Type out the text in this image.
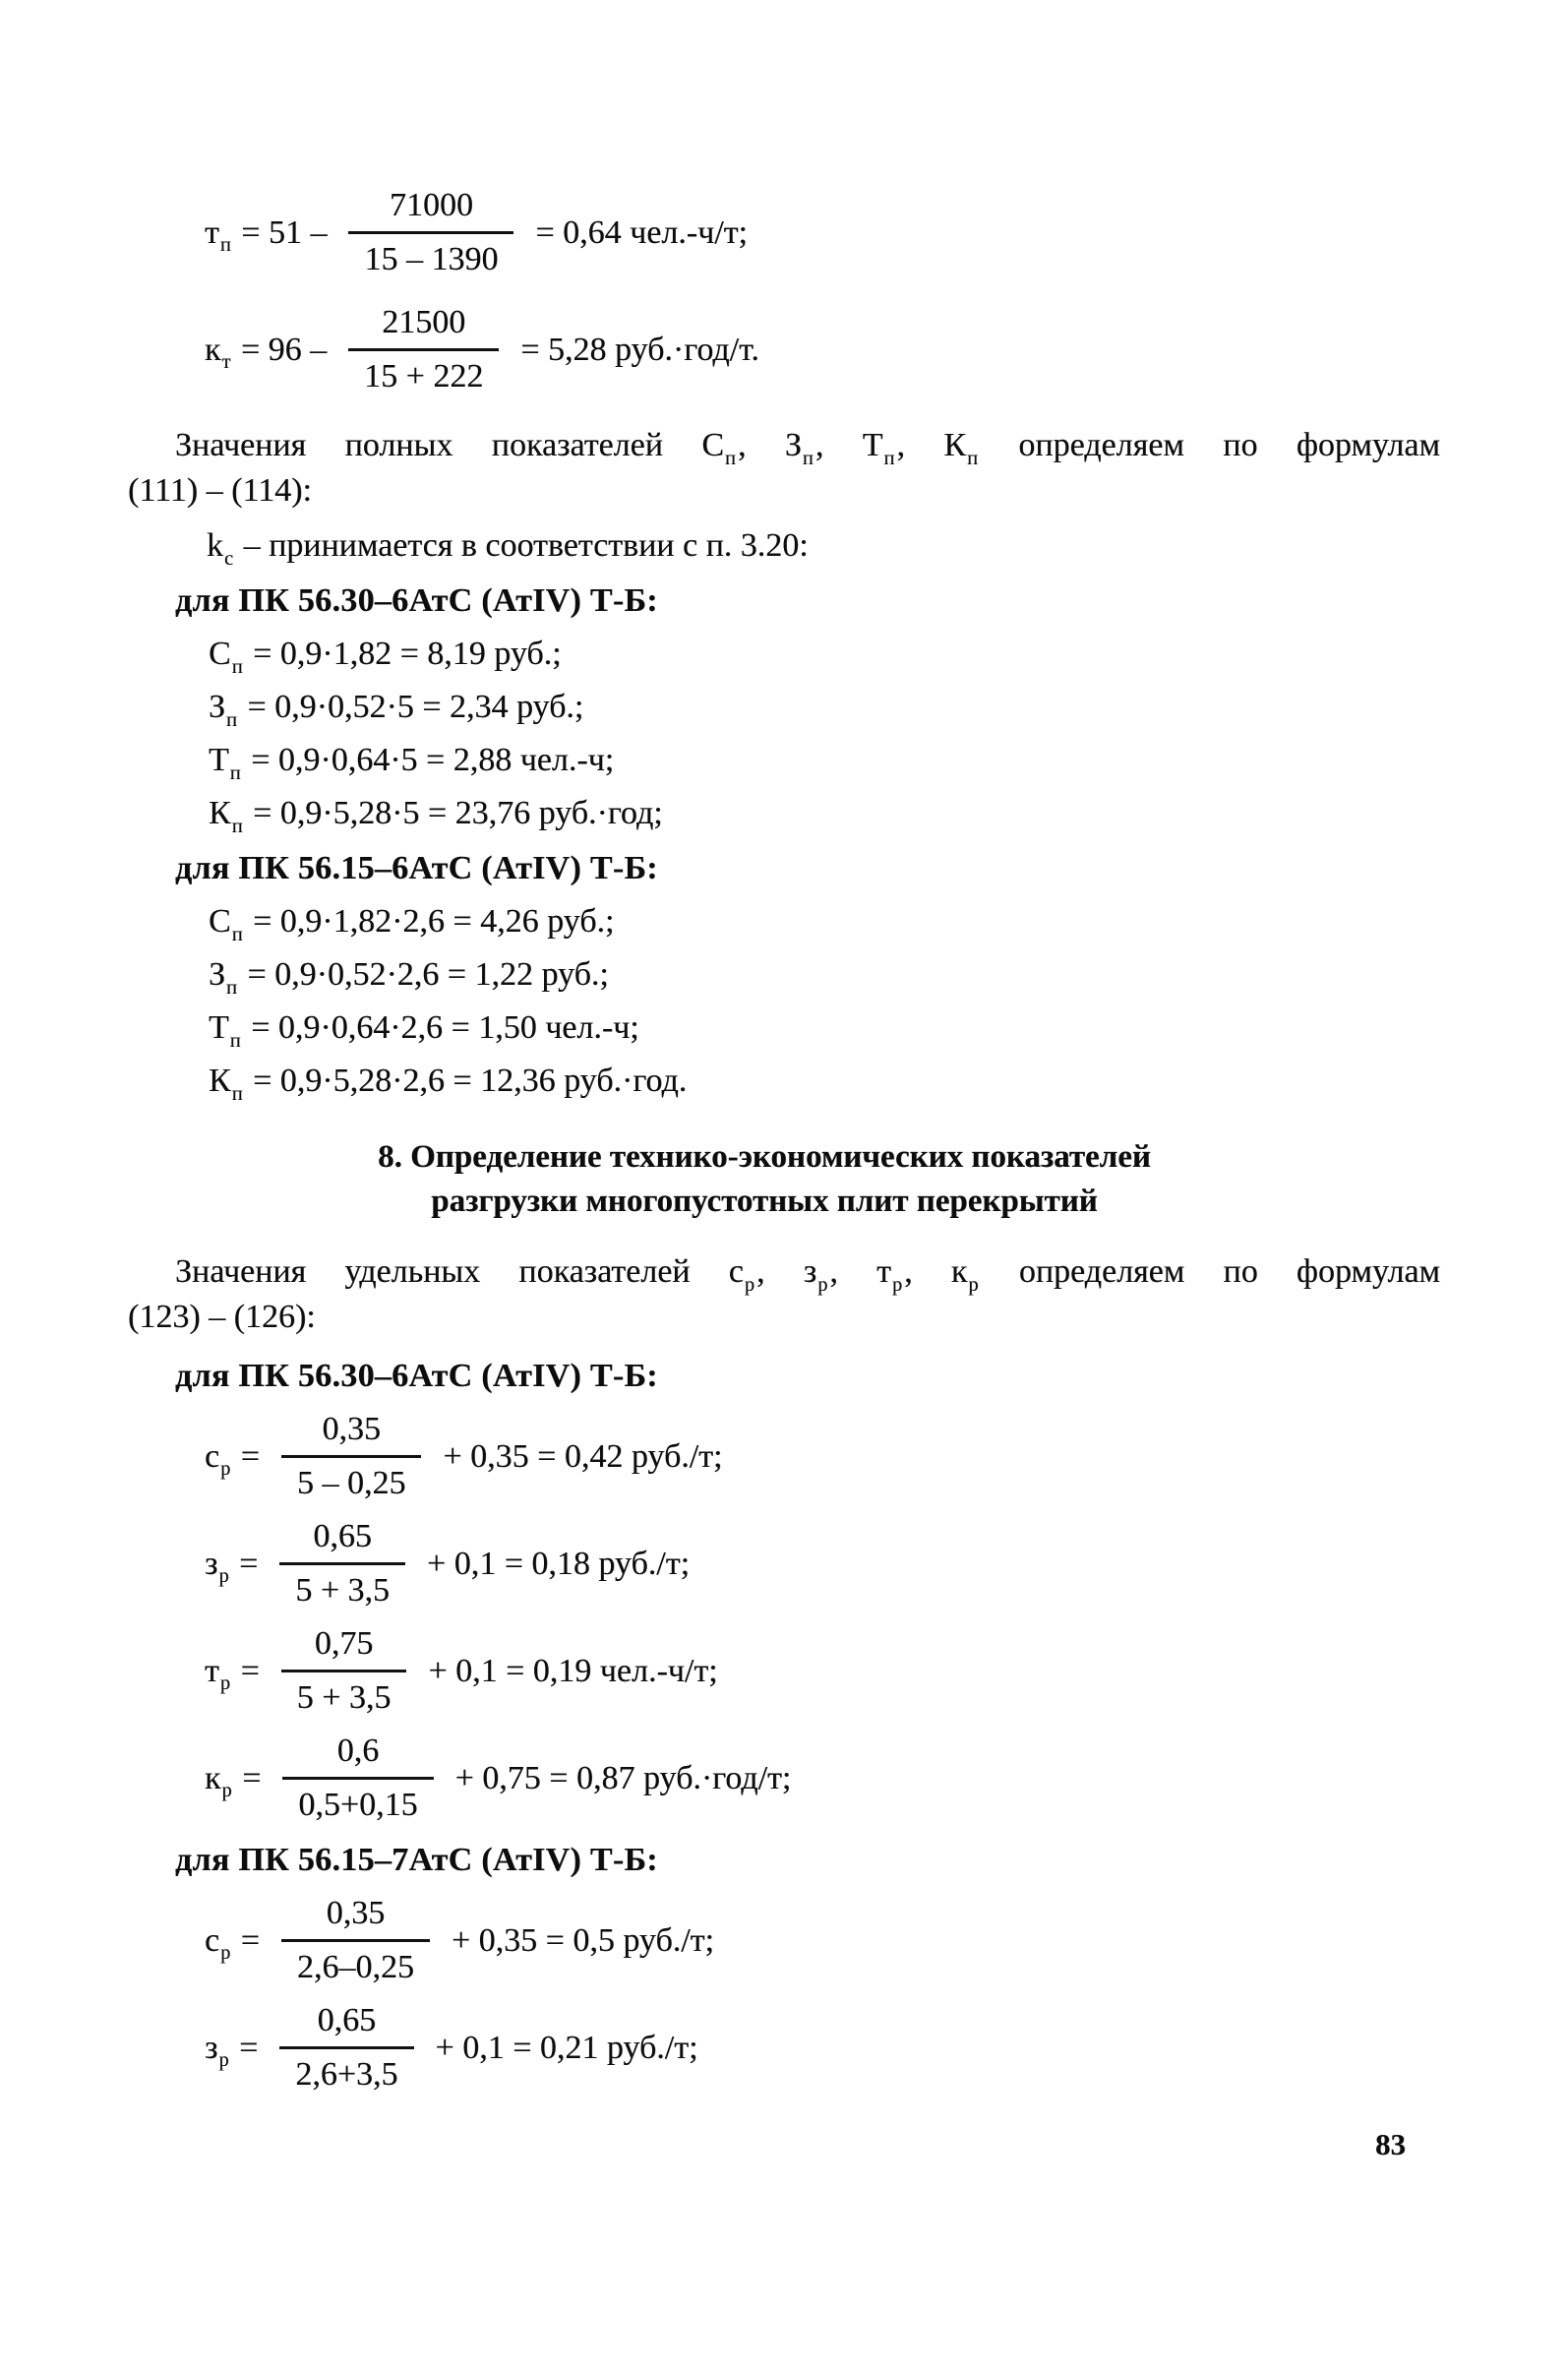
$т_п = 51 - \frac{71000}{15 - 1390} = 0,64$ чел.-ч/т;
$к_т = 96 - \frac{21500}{15 + 222} = 5,28$ руб.·год/т.
Значения полных показателей $С_п$, $З_п$, $Т_п$, $К_п$ определяем по формулам
(111) – (114):
$k_с$ – принимается в соответствии с п. 3.20:
для ПК 56.30–6АтС (АтIV) Т-Б:
$С_п = 0,9\cdot 1,82 = 8,19$ руб.;
$З_п = 0,9\cdot 0,52\cdot 5 = 2,34$ руб.;
$Т_п = 0,9\cdot 0,64\cdot 5 = 2,88$ чел.-ч;
$К_п = 0,9\cdot 5,28\cdot 5 = 23,76$ руб.·год;
для ПК 56.15–6АтС (АтIV) Т-Б:
$С_п = 0,9\cdot 1,82\cdot 2,6 = 4,26$ руб.;
$З_п = 0,9\cdot 0,52\cdot 2,6 = 1,22$ руб.;
$Т_п = 0,9\cdot 0,64\cdot 2,6 = 1,50$ чел.-ч;
$К_п = 0,9\cdot 5,28\cdot 2,6 = 12,36$ руб.·год.
8. Определение технико-экономических показателей
разгрузки многопустотных плит перекрытий
Значения удельных показателей $с_р$, $з_р$, $т_р$, $к_р$ определяем по формулам
(123) – (126):
для ПК 56.30–6АтС (АтIV) Т-Б:
$с_р = \frac{0,35}{5 - 0,25} + 0,35 = 0,42$ руб./т;
$з_р = \frac{0,65}{5 + 3,5} + 0,1 = 0,18$ руб./т;
$т_р = \frac{0,75}{5 + 3,5} + 0,1 = 0,19$ чел.-ч/т;
$к_р = \frac{0,6}{0,5+0,15} + 0,75 = 0,87$ руб.·год/т;
для ПК 56.15–7АтС (АтIV) Т-Б:
$с_р = \frac{0,35}{2,6-0,25} + 0,35 = 0,5$ руб./т;
$з_р = \frac{0,65}{2,6+3,5} + 0,1 = 0,21$ руб./т;
83
